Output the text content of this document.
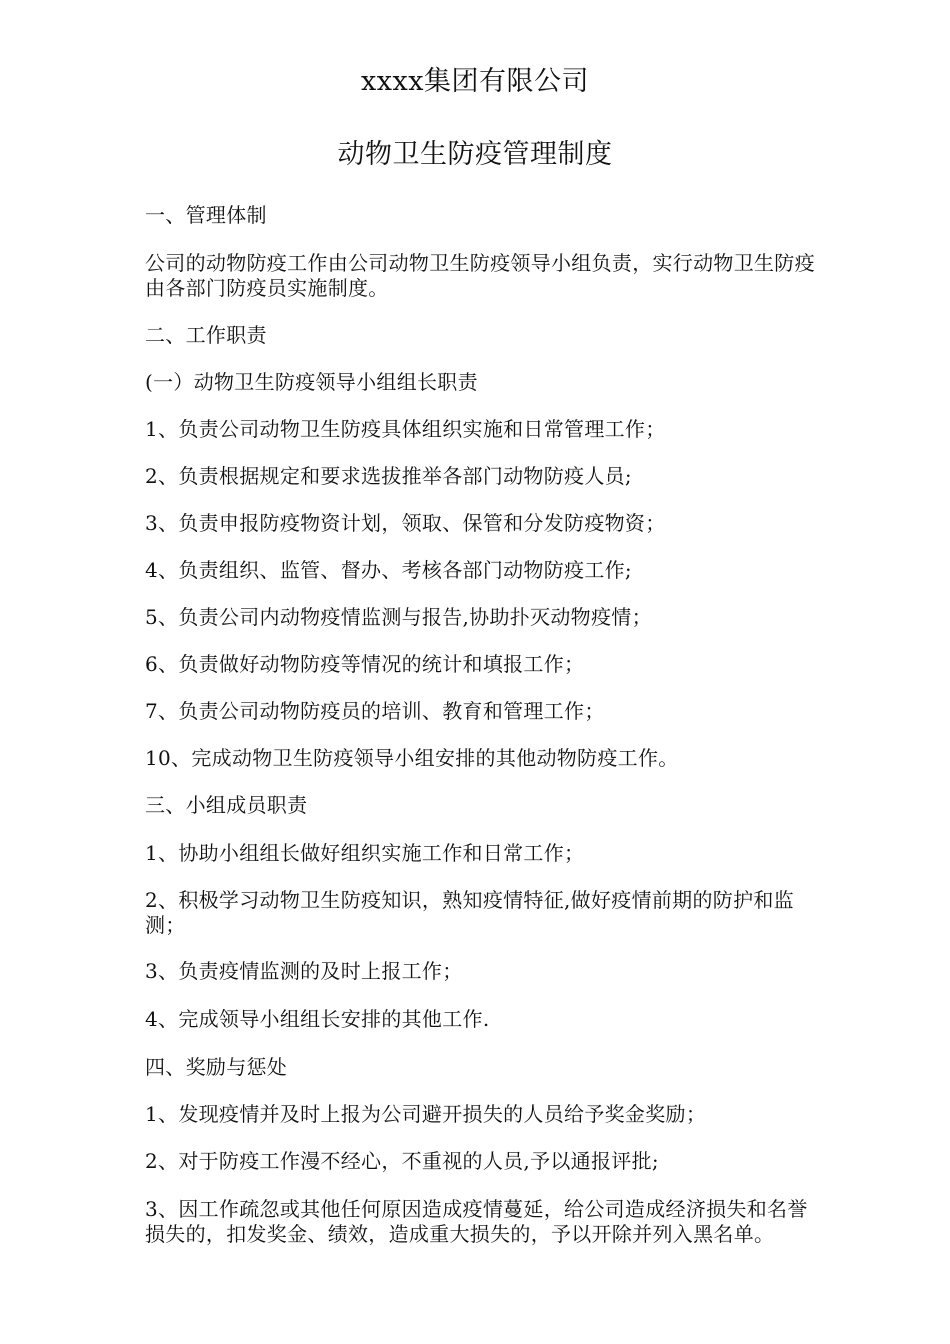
xxxx集团有限公司
动物卫生防疫管理制度
一、管理体制
公司的动物防疫工作由公司动物卫生防疫领导小组负责，实行动物卫生防疫由各部门防疫员实施制度。
二、工作职责
(一）动物卫生防疫领导小组组长职责
1、负责公司动物卫生防疫具体组织实施和日常管理工作；
2、负责根据规定和要求选拔推举各部门动物防疫人员;
3、负责申报防疫物资计划，领取、保管和分发防疫物资；
4、负责组织、监管、督办、考核各部门动物防疫工作;
5、负责公司内动物疫情监测与报告,协助扑灭动物疫情；
6、负责做好动物防疫等情况的统计和填报工作；
7、负责公司动物防疫员的培训、教育和管理工作；
10、完成动物卫生防疫领导小组安排的其他动物防疫工作。
三、小组成员职责
1、协助小组组长做好组织实施工作和日常工作；
2、积极学习动物卫生防疫知识，熟知疫情特征,做好疫情前期的防护和监测；
3、负责疫情监测的及时上报工作；
4、完成领导小组组长安排的其他工作.
四、奖励与惩处
1、发现疫情并及时上报为公司避开损失的人员给予奖金奖励；
2、对于防疫工作漫不经心，不重视的人员,予以通报评批;
3、因工作疏忽或其他任何原因造成疫情蔓延，给公司造成经济损失和名誉损失的，扣发奖金、绩效，造成重大损失的，予以开除并列入黑名单。
